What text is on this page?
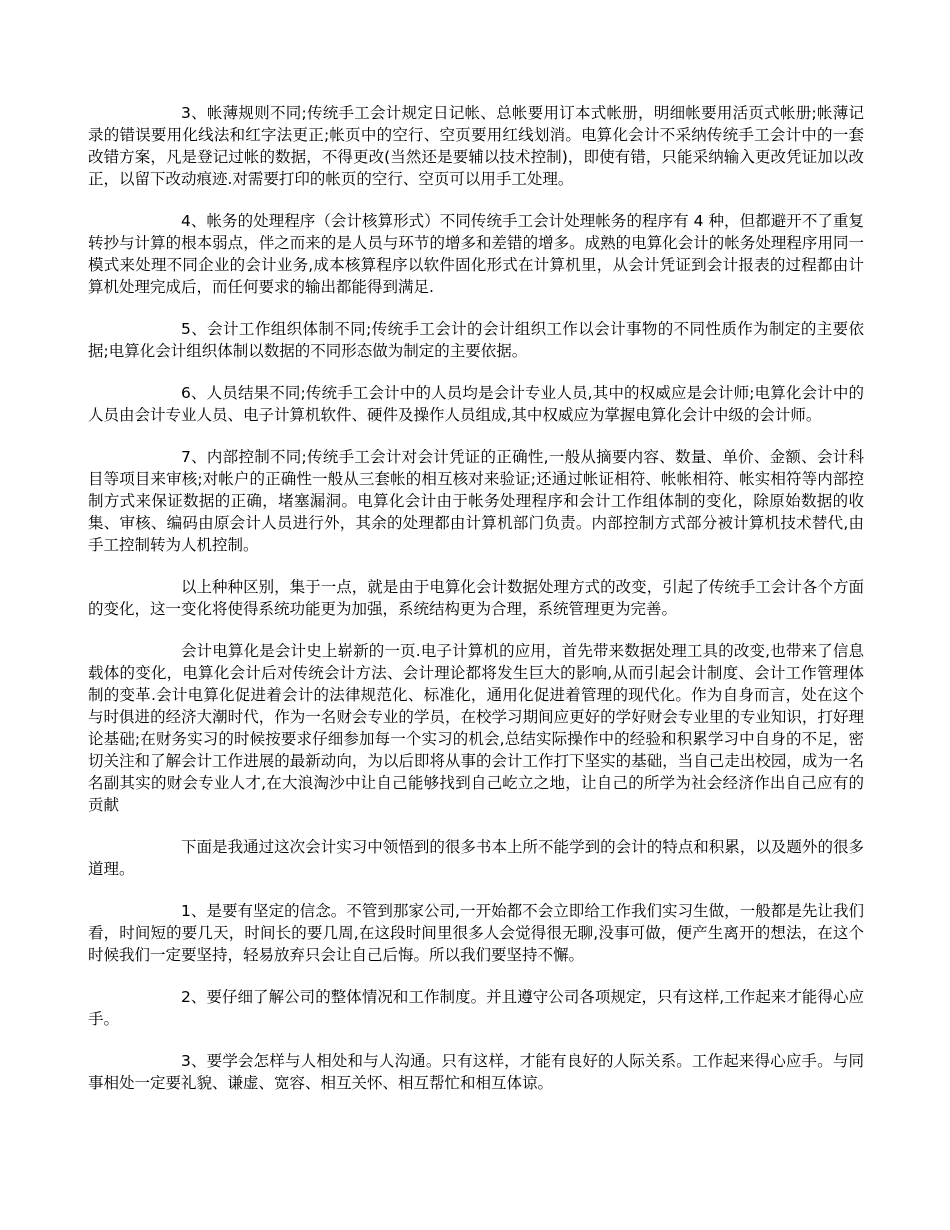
3、帐薄规则不同;传统手工会计规定日记帐、总帐要用订本式帐册，明细帐要用活页式帐册;帐薄记录的错误要用化线法和红字法更正;帐页中的空行、空页要用红线划消。电算化会计不采纳传统手工会计中的一套改错方案，凡是登记过帐的数据，不得更改(当然还是要辅以技术控制)，即使有错，只能采纳输入更改凭证加以改正，以留下改动痕迹.对需要打印的帐页的空行、空页可以用手工处理。

4、帐务的处理程序（会计核算形式）不同传统手工会计处理帐务的程序有 4 种，但都避开不了重复转抄与计算的根本弱点，伴之而来的是人员与环节的增多和差错的增多。成熟的电算化会计的帐务处理程序用同一模式来处理不同企业的会计业务,成本核算程序以软件固化形式在计算机里，从会计凭证到会计报表的过程都由计算机处理完成后，而任何要求的输出都能得到满足.

5、会计工作组织体制不同;传统手工会计的会计组织工作以会计事物的不同性质作为制定的主要依据;电算化会计组织体制以数据的不同形态做为制定的主要依据。

6、人员结果不同;传统手工会计中的人员均是会计专业人员,其中的权威应是会计师;电算化会计中的人员由会计专业人员、电子计算机软件、硬件及操作人员组成,其中权威应为掌握电算化会计中级的会计师。

7、内部控制不同;传统手工会计对会计凭证的正确性,一般从摘要内容、数量、单价、金额、会计科目等项目来审核;对帐户的正确性一般从三套帐的相互核对来验证;还通过帐证相符、帐帐相符、帐实相符等内部控制方式来保证数据的正确，堵塞漏洞。电算化会计由于帐务处理程序和会计工作组体制的变化，除原始数据的收集、审核、编码由原会计人员进行外，其余的处理都由计算机部门负责。内部控制方式部分被计算机技术替代,由手工控制转为人机控制。

以上种种区别，集于一点，就是由于电算化会计数据处理方式的改变，引起了传统手工会计各个方面的变化，这一变化将使得系统功能更为加强，系统结构更为合理，系统管理更为完善。

会计电算化是会计史上崭新的一页.电子计算机的应用，首先带来数据处理工具的改变,也带来了信息载体的变化，电算化会计后对传统会计方法、会计理论都将发生巨大的影响,从而引起会计制度、会计工作管理体制的变革.会计电算化促进着会计的法律规范化、标准化，通用化促进着管理的现代化。作为自身而言，处在这个与时俱进的经济大潮时代，作为一名财会专业的学员，在校学习期间应更好的学好财会专业里的专业知识，打好理论基础;在财务实习的时候按要求仔细参加每一个实习的机会,总结实际操作中的经验和积累学习中自身的不足，密切关注和了解会计工作进展的最新动向，为以后即将从事的会计工作打下坚实的基础，当自己走出校园，成为一名名副其实的财会专业人才,在大浪淘沙中让自己能够找到自己屹立之地，让自己的所学为社会经济作出自己应有的贡献

下面是我通过这次会计实习中领悟到的很多书本上所不能学到的会计的特点和积累，以及题外的很多道理。

1、是要有坚定的信念。不管到那家公司,一开始都不会立即给工作我们实习生做，一般都是先让我们看，时间短的要几天，时间长的要几周,在这段时间里很多人会觉得很无聊,没事可做，便产生离开的想法，在这个时候我们一定要坚持，轻易放弃只会让自己后悔。所以我们要坚持不懈。

2、要仔细了解公司的整体情况和工作制度。并且遵守公司各项规定，只有这样,工作起来才能得心应手。

3、要学会怎样与人相处和与人沟通。只有这样，才能有良好的人际关系。工作起来得心应手。与同事相处一定要礼貌、谦虚、宽容、相互关怀、相互帮忙和相互体谅。
